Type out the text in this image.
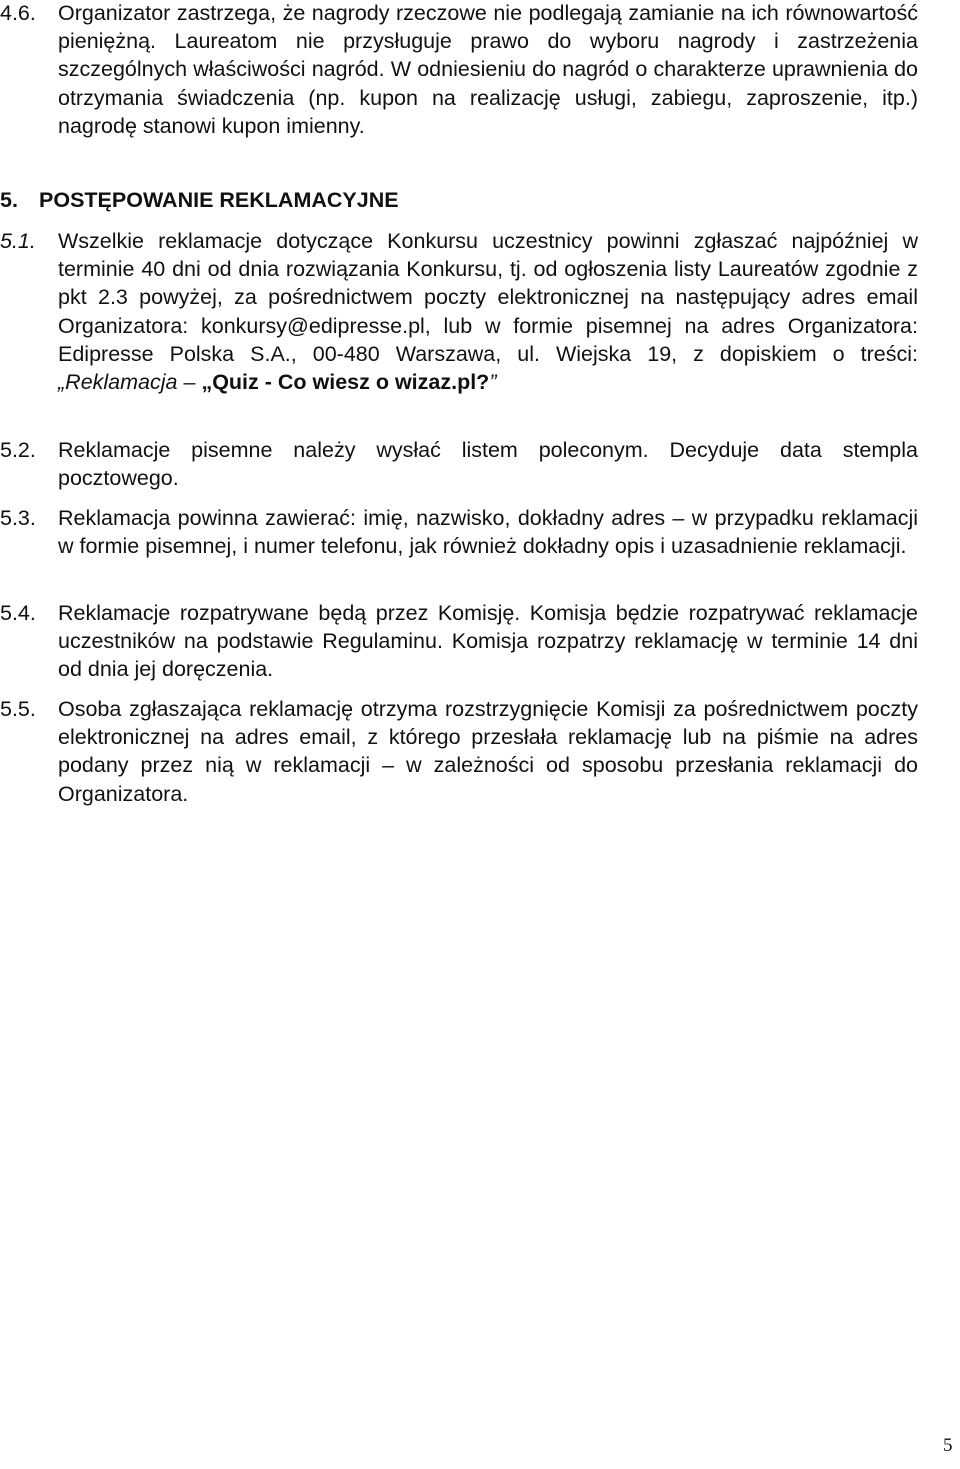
4.6.	Organizator zastrzega, że nagrody rzeczowe nie podlegają zamianie na ich równowartość pieniężną. Laureatom nie przysługuje prawo do wyboru nagrody i zastrzeżenia szczególnych właściwości nagród. W odniesieniu do nagród o charakterze uprawnienia do otrzymania świadczenia (np. kupon na realizację usługi, zabiegu, zaproszenie, itp.) nagrodę stanowi kupon imienny.
5. POSTĘPOWANIE REKLAMACYJNE
5.1.	Wszelkie reklamacje dotyczące Konkursu uczestnicy powinni zgłaszać najpóźniej w terminie 40 dni od dnia rozwiązania Konkursu, tj. od ogłoszenia listy Laureatów zgodnie z pkt 2.3 powyżej, za pośrednictwem poczty elektronicznej na następujący adres email Organizatora: konkursy@edipresse.pl, lub w formie pisemnej na adres Organizatora: Edipresse Polska S.A., 00-480 Warszawa, ul. Wiejska 19, z dopiskiem o treści: „Reklamacja – „Quiz - Co wiesz o wizaz.pl?”
5.2.	Reklamacje pisemne należy wysłać listem poleconym. Decyduje data stempla pocztowego.
5.3.	Reklamacja powinna zawierać: imię, nazwisko, dokładny adres – w przypadku reklamacji w formie pisemnej, i numer telefonu, jak również dokładny opis i uzasadnienie reklamacji.
5.4.	Reklamacje rozpatrywane będą przez Komisję. Komisja będzie rozpatrywać reklamacje uczestników na podstawie Regulaminu. Komisja rozpatrzy reklamację w terminie 14 dni od dnia jej doręczenia.
5.5.	Osoba zgłaszająca reklamację otrzyma rozstrzygnięcie Komisji za pośrednictwem poczty elektronicznej na adres email, z którego przesłała reklamację lub na piśmie na adres podany przez nią w reklamacji – w zależności od sposobu przesłania reklamacji do Organizatora.
5
